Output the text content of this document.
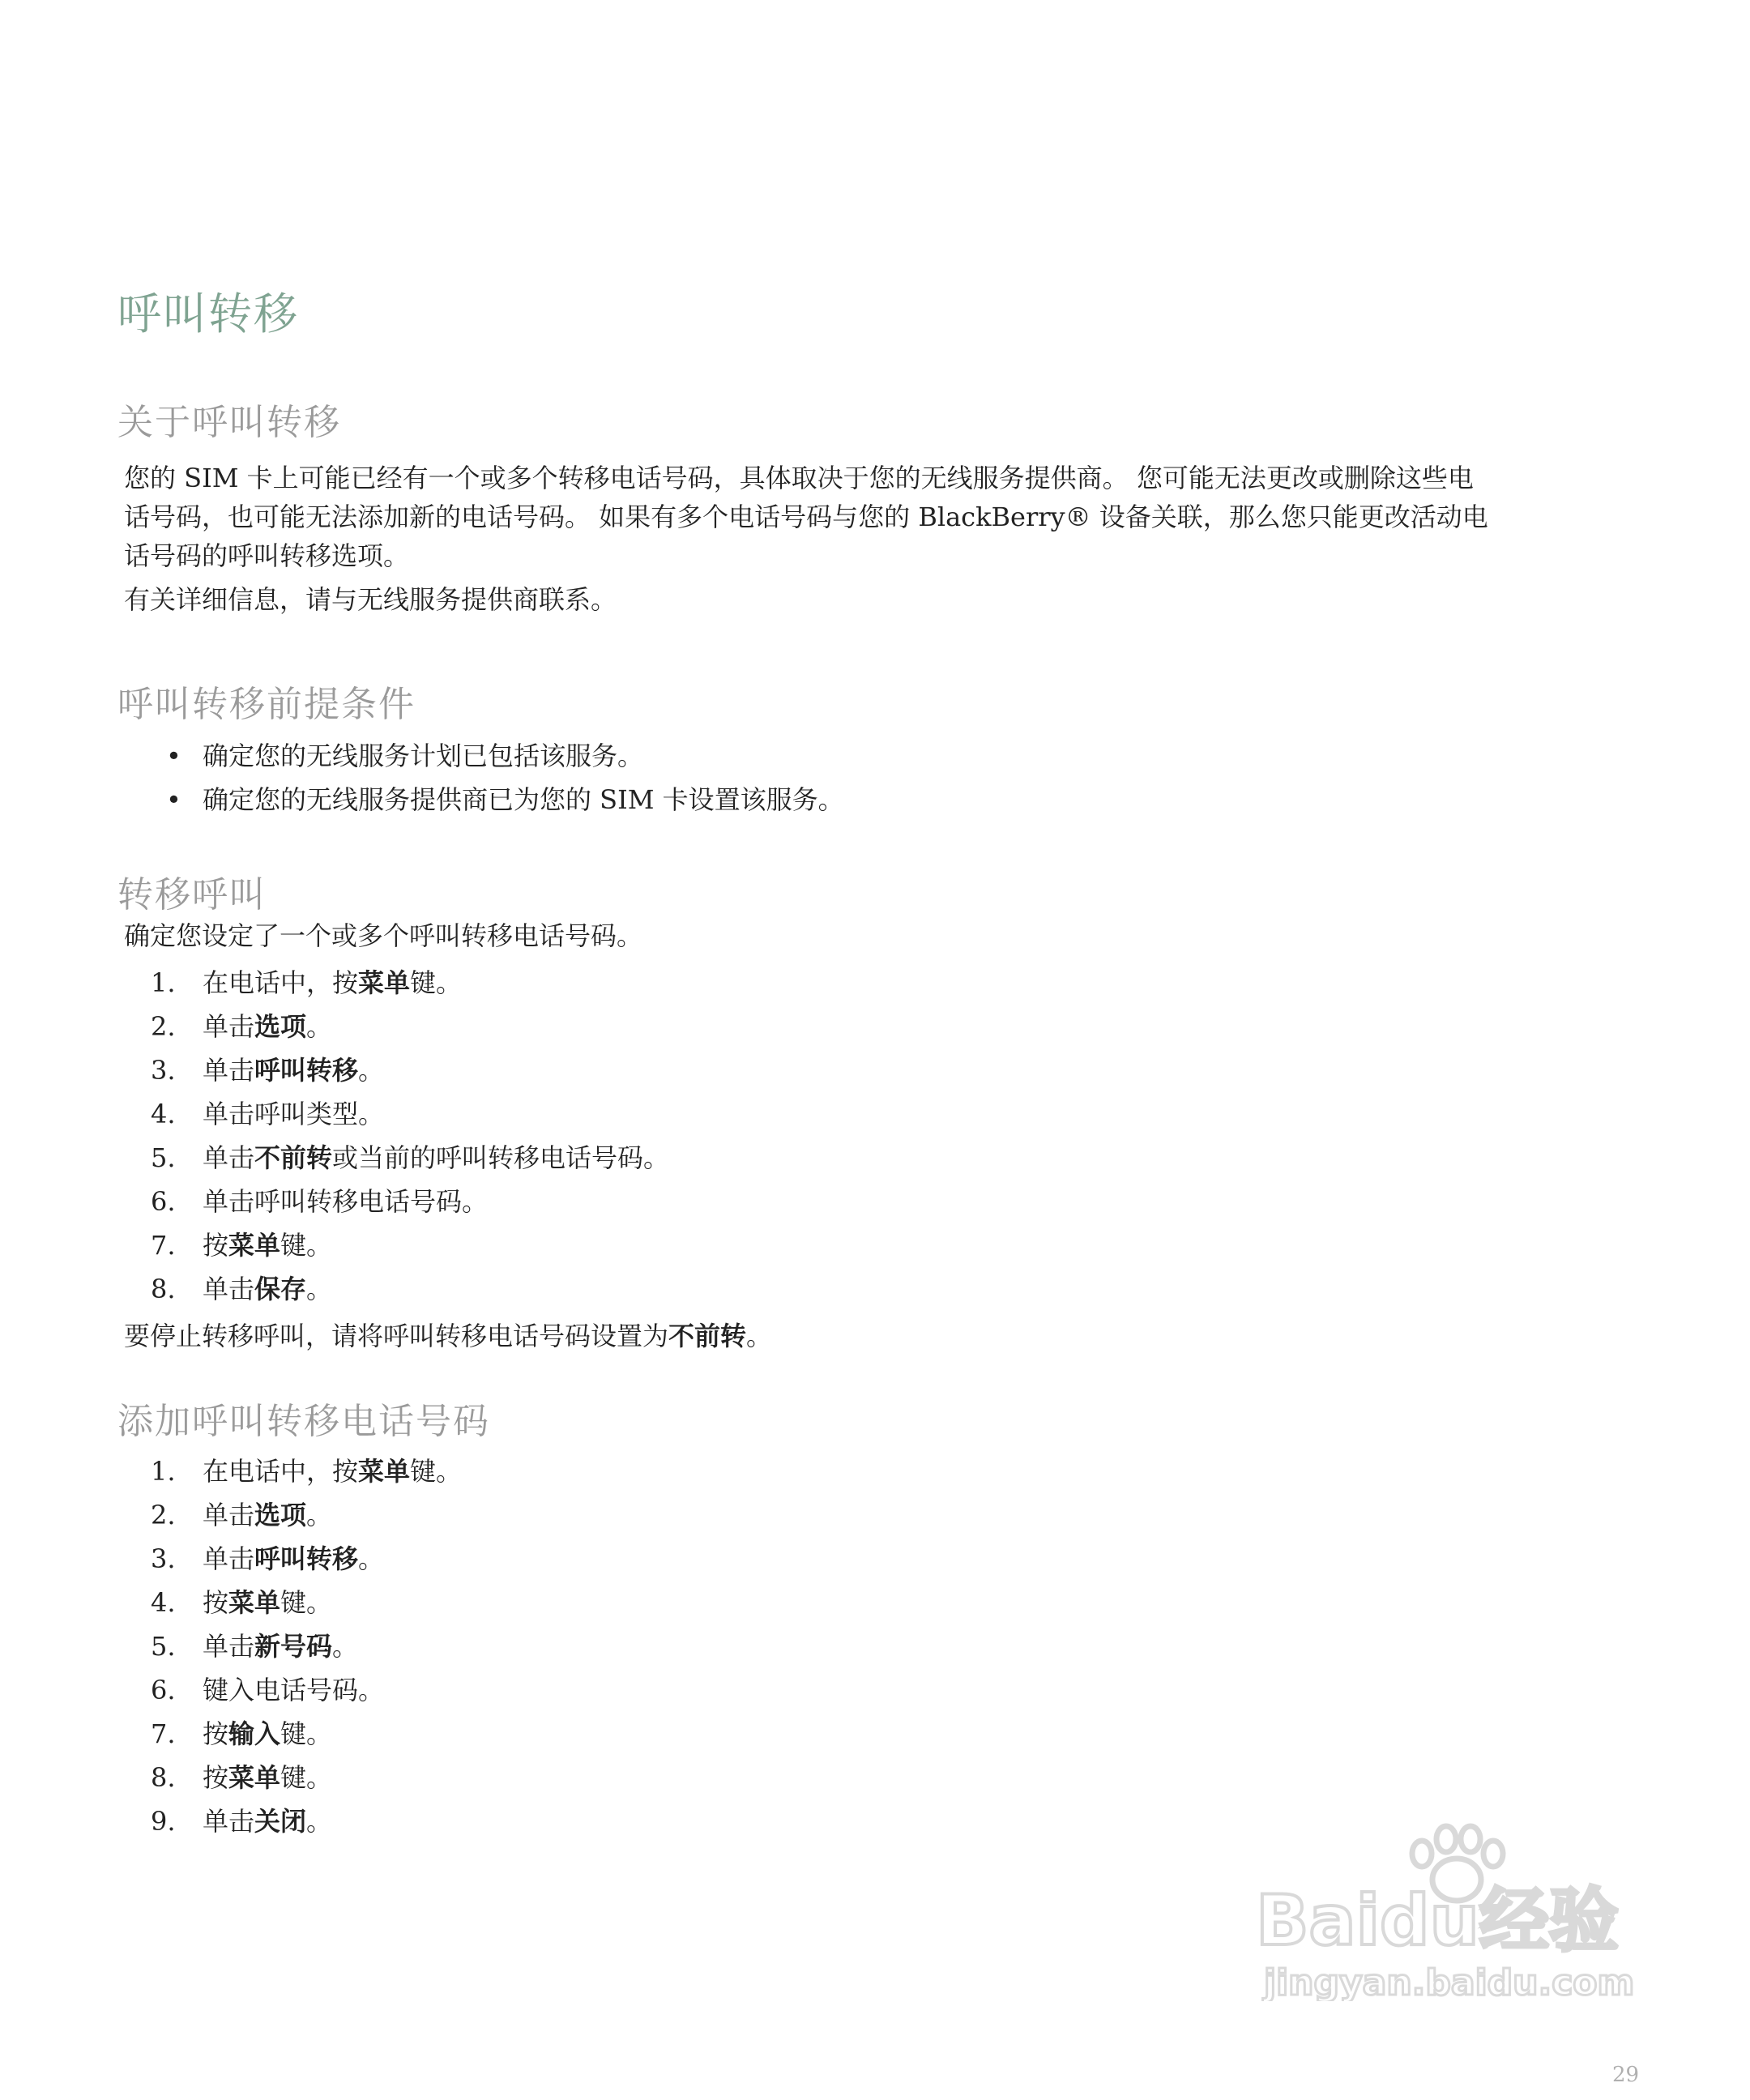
呼叫转移
关于呼叫转移

您的 SIM 卡上可能已经有一个或多个转移电话号码，具体取决于您的无线服务提供商。 您可能无法更改或删除这些电
话号码，也可能无法添加新的电话号码。 如果有多个电话号码与您的 BlackBerry® 设备关联，那么您只能更改活动电
话号码的呼叫转移选项。

有关详细信息，请与无线服务提供商联系。

呼叫转移前提条件
• 确定您的无线服务计划已包括该服务。
• 确定您的无线服务提供商已为您的 SIM 卡设置该服务。
转移呼叫

确定您设定了一个或多个呼叫转移电话号码。

1.	在电话中，按菜单键。
2.	单击选项。
3.	单击呼叫转移。
4.	单击呼叫类型。
5.	单击不前转或当前的呼叫转移电话号码。
6.	单击呼叫转移电话号码。
7.	按菜单键。
8.	单击保存。

要停止转移呼叫，请将呼叫转移电话号码设置为不前转。

添加呼叫转移电话号码
1.	在电话中，按菜单键。
2.	单击选项。
3.	单击呼叫转移。
4.	按菜单键。
5.	单击新号码。
6.	键入电话号码。
7.	按输入键。
8.	按菜单键。
9.	单击关闭。
Baidu经验
jingyan.baidu.com
29
